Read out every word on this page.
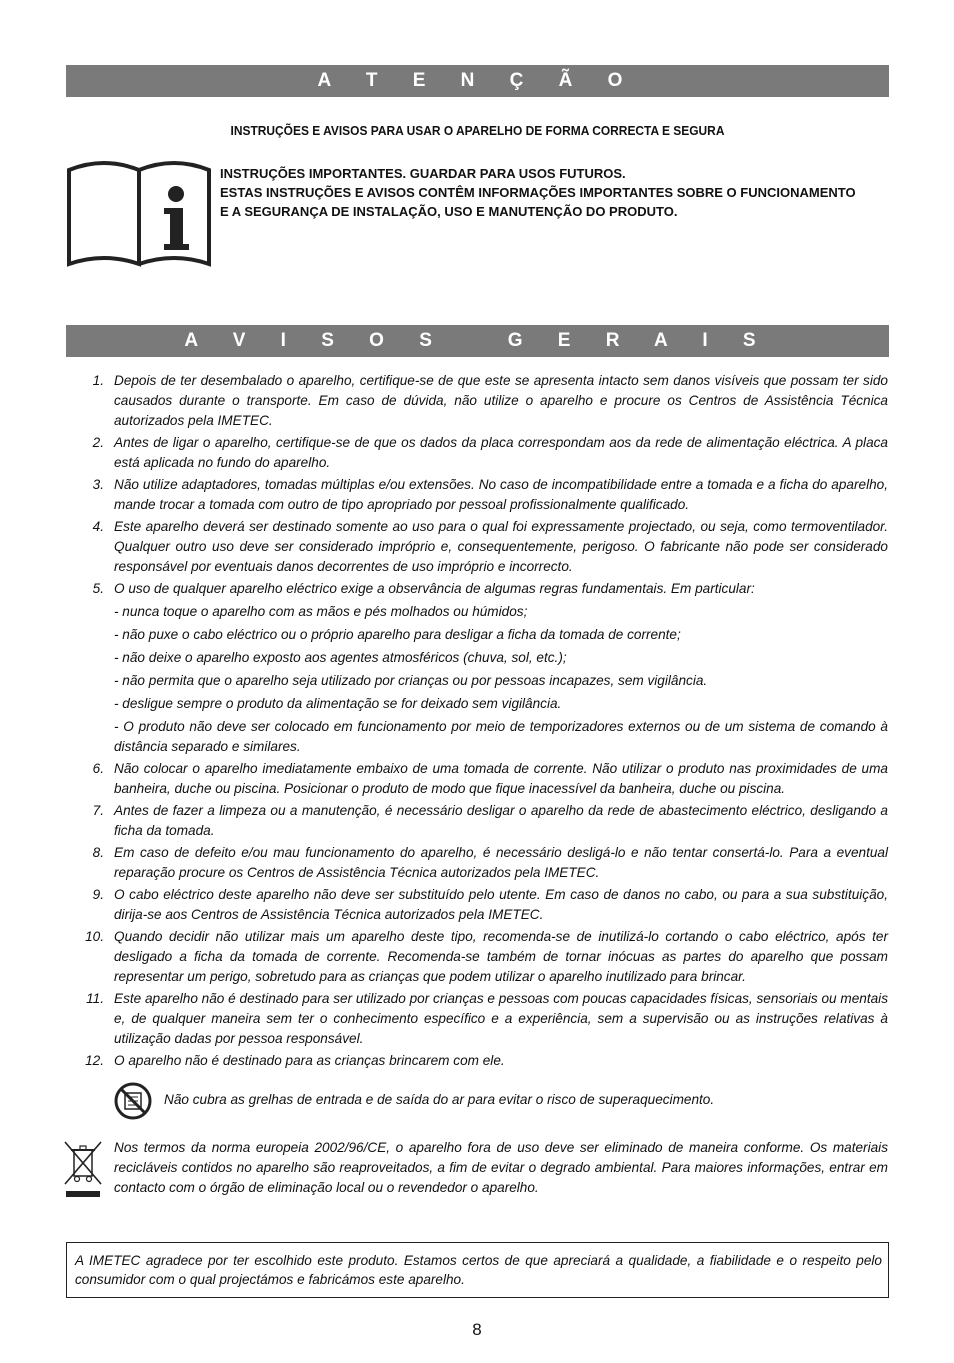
A T E N Ç Ã O
INSTRUÇÕES E AVISOS PARA USAR O APARELHO DE FORMA CORRECTA E SEGURA
INSTRUÇÕES IMPORTANTES. GUARDAR PARA USOS FUTUROS.
ESTAS INSTRUÇÕES E AVISOS CONTÊM INFORMAÇÕES IMPORTANTES SOBRE O FUNCIONAMENTO
E A SEGURANÇA DE INSTALAÇÃO, USO E MANUTENÇÃO DO PRODUTO.
A V I S O S   G E R A I S
1. Depois de ter desembalado o aparelho, certifique-se de que este se apresenta intacto sem danos visíveis que possam ter sido causados durante o transporte. Em caso de dúvida, não utilize o aparelho e procure os Centros de Assistência Técnica autorizados pela IMETEC.
2. Antes de ligar o aparelho, certifique-se de que os dados da placa correspondam aos da rede de alimentação eléctrica. A placa está aplicada no fundo do aparelho.
3. Não utilize adaptadores, tomadas múltiplas e/ou extensões. No caso de incompatibilidade entre a tomada e a ficha do aparelho, mande trocar a tomada com outro de tipo apropriado por pessoal profissionalmente qualificado.
4. Este aparelho deverá ser destinado somente ao uso para o qual foi expressamente projectado, ou seja, como termoventilador. Qualquer outro uso deve ser considerado impróprio e, consequentemente, perigoso. O fabricante não pode ser considerado responsável por eventuais danos decorrentes de uso impróprio e incorrecto.
5. O uso de qualquer aparelho eléctrico exige a observância de algumas regras fundamentais. Em particular:
- nunca toque o aparelho com as mãos e pés molhados ou húmidos;
- não puxe o cabo eléctrico ou o próprio aparelho para desligar a ficha da tomada de corrente;
- não deixe o aparelho exposto aos agentes atmosféricos (chuva, sol, etc.);
- não permita que o aparelho seja utilizado por crianças ou por pessoas incapazes, sem vigilância.
- desligue sempre o produto da alimentação se for deixado sem vigilância.
- O produto não deve ser colocado em funcionamento por meio de temporizadores externos ou de um sistema de comando à distância separado e similares.
6. Não colocar o aparelho imediatamente embaixo de uma tomada de corrente. Não utilizar o produto nas proximidades de uma banheira, duche ou piscina. Posicionar o produto de modo que fique inacessível da banheira, duche ou piscina.
7. Antes de fazer a limpeza ou a manutenção, é necessário desligar o aparelho da rede de abastecimento eléctrico, desligando a ficha da tomada.
8. Em caso de defeito e/ou mau funcionamento do aparelho, é necessário desligá-lo e não tentar consertá-lo. Para a eventual reparação procure os Centros de Assistência Técnica autorizados pela IMETEC.
9. O cabo eléctrico deste aparelho não deve ser substituído pelo utente. Em caso de danos no cabo, ou para a sua substituição, dirija-se aos Centros de Assistência Técnica autorizados pela IMETEC.
10. Quando decidir não utilizar mais um aparelho deste tipo, recomenda-se de inutilizá-lo cortando o cabo eléctrico, após ter desligado a ficha da tomada de corrente. Recomenda-se também de tornar inócuas as partes do aparelho que possam representar um perigo, sobretudo para as crianças que podem utilizar o aparelho inutilizado para brincar.
11. Este aparelho não é destinado para ser utilizado por crianças e pessoas com poucas capacidades físicas, sensoriais ou mentais e, de qualquer maneira sem ter o conhecimento específico e a experiência, sem a supervisão ou as instruções relativas à utilização dadas por pessoa responsável.
12. O aparelho não é destinado para as crianças brincarem com ele.
Não cubra as grelhas de entrada e de saída do ar para evitar o risco de superaquecimento.
Nos termos da norma europeia 2002/96/CE, o aparelho fora de uso deve ser eliminado de maneira conforme. Os materiais recicláveis contidos no aparelho são reaproveitados, a fim de evitar o degrado ambiental. Para maiores informações, entrar em contacto com o órgão de eliminação local ou o revendedor o aparelho.
A IMETEC agradece por ter escolhido este produto. Estamos certos de que apreciará a qualidade, a fiabilidade e o respeito pelo consumidor com o qual projectámos e fabricámos este aparelho.
8
